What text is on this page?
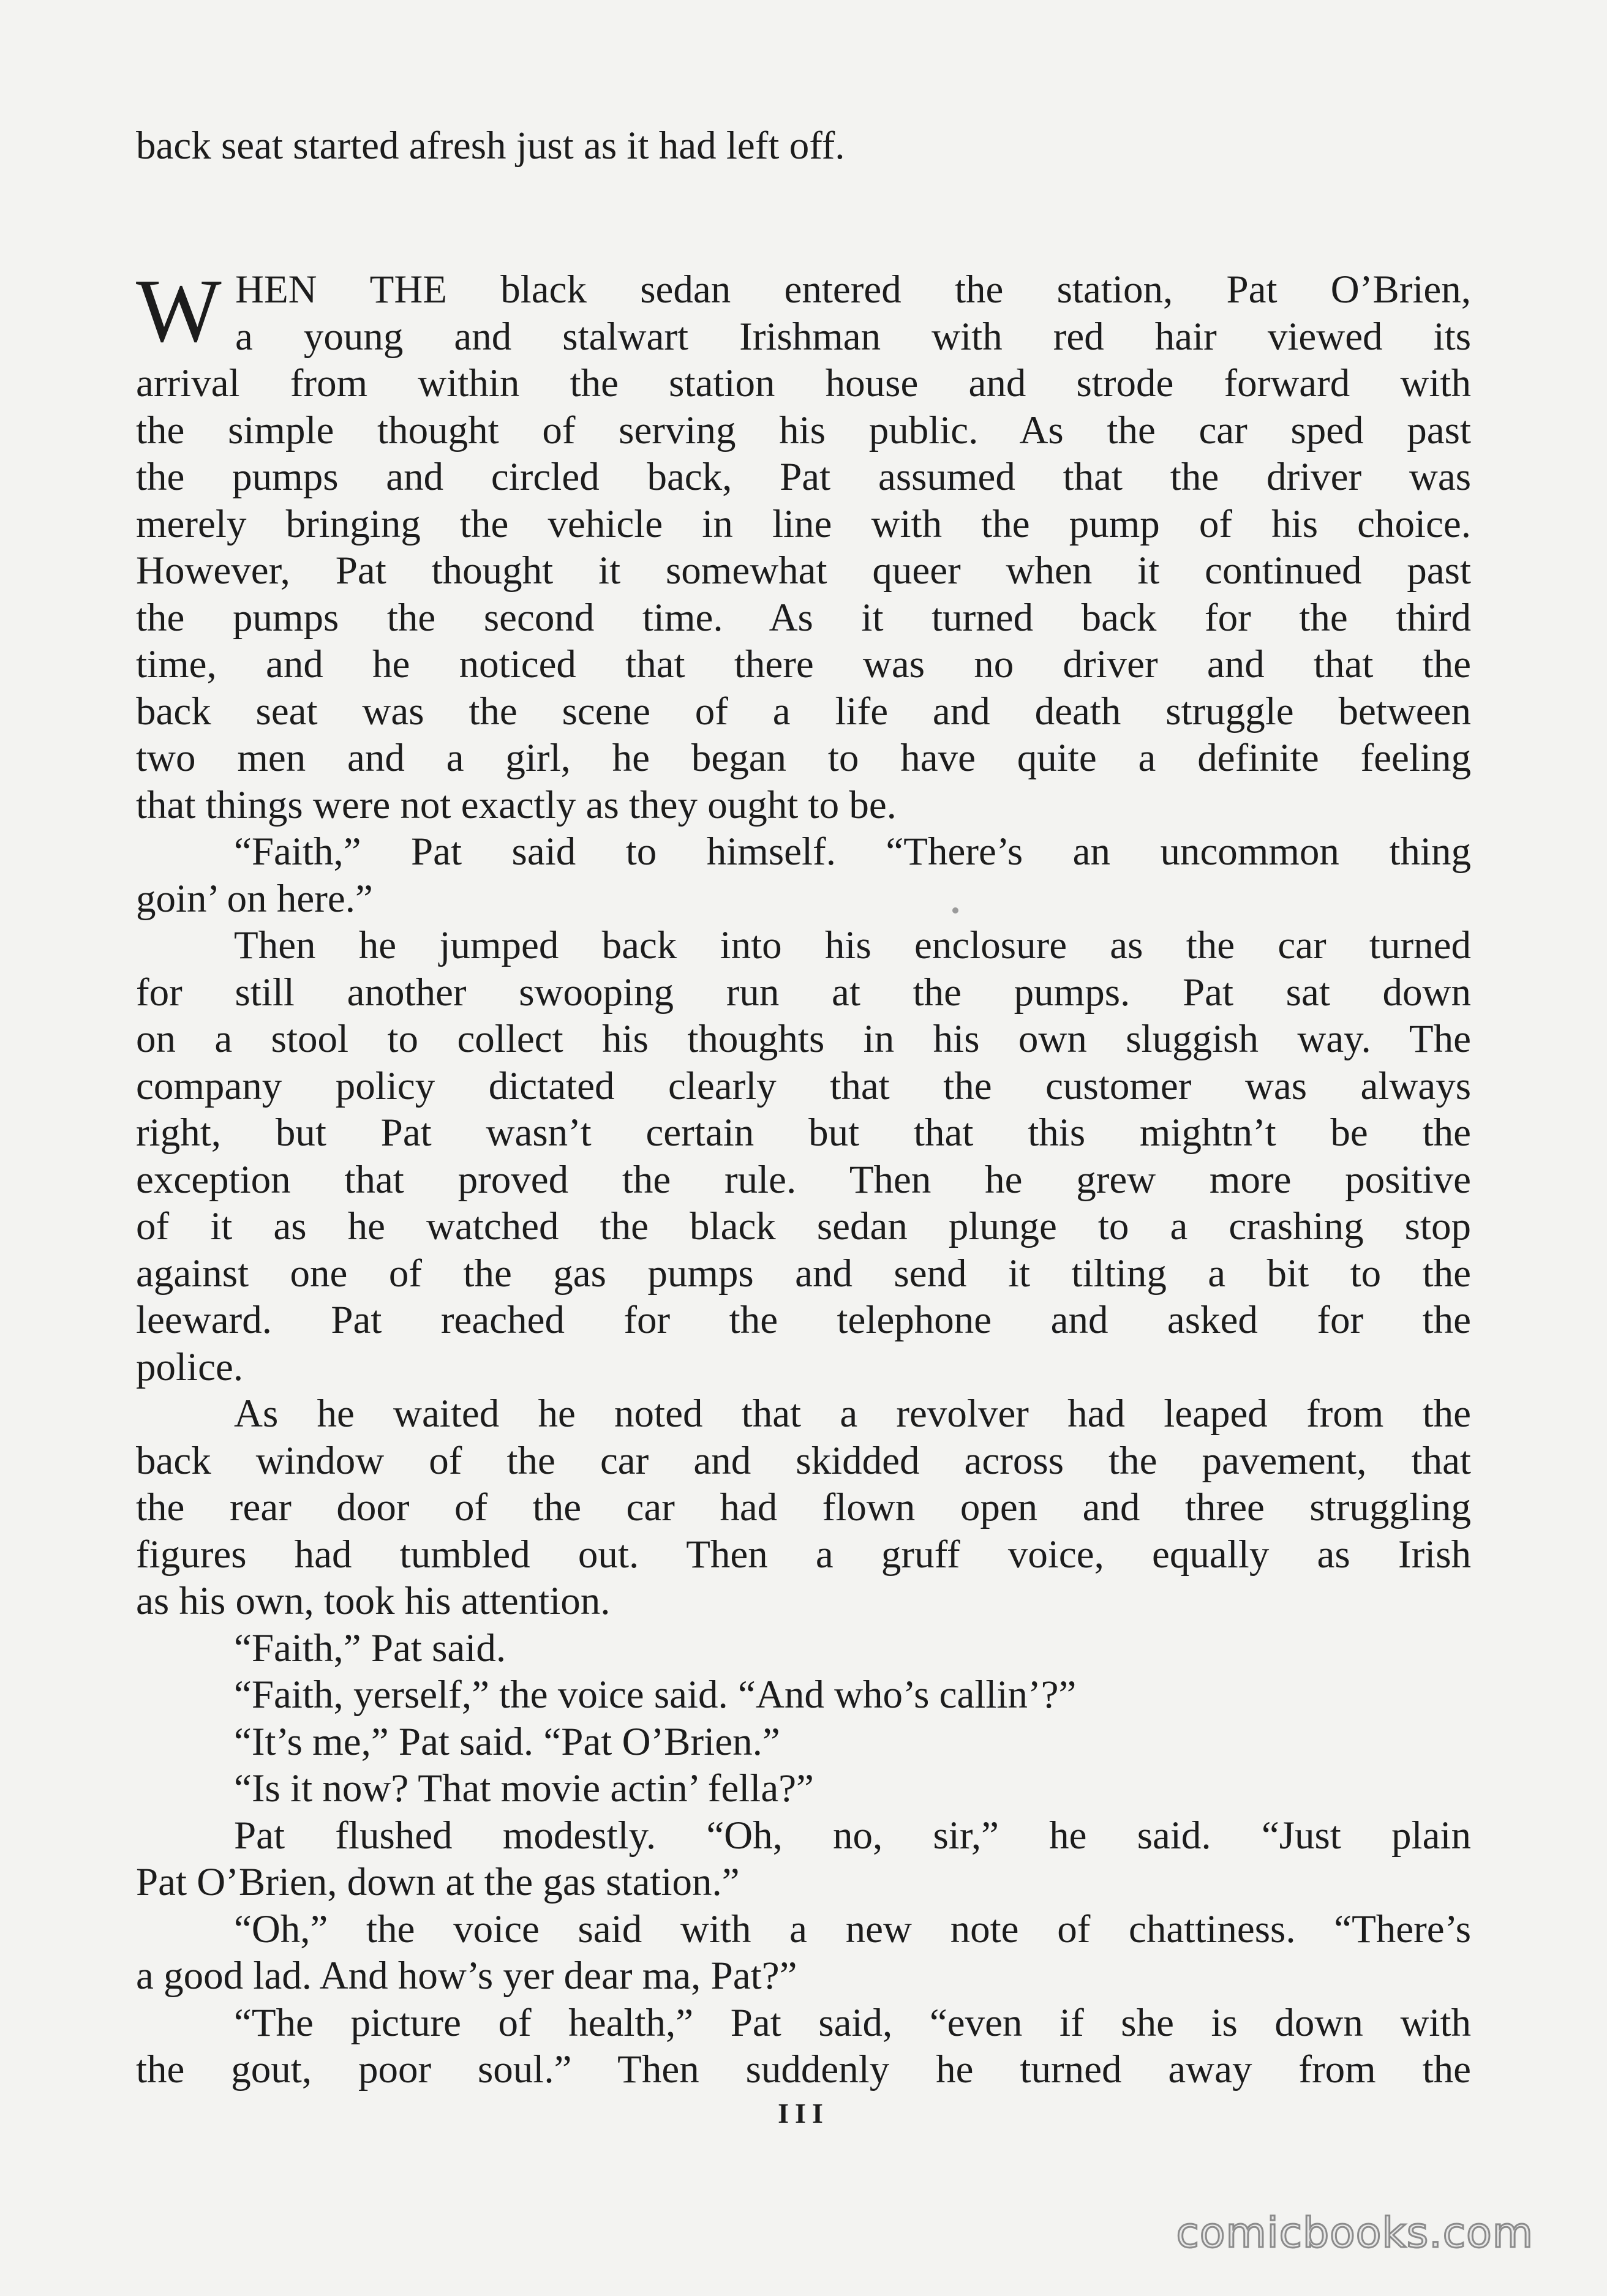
back seat started afresh just as it had left off.
W HEN THE black sedan entered the station, Pat O’Brien,
a young and stalwart Irishman with red hair viewed its
arrival from within the station house and strode forward with
the simple thought of serving his public. As the car sped past
the pumps and circled back, Pat assumed that the driver was
merely bringing the vehicle in line with the pump of his choice.
However, Pat thought it somewhat queer when it continued past
the pumps the second time. As it turned back for the third
time, and he noticed that there was no driver and that the
back seat was the scene of a life and death struggle between
two men and a girl, he began to have quite a definite feeling
that things were not exactly as they ought to be.
“Faith,” Pat said to himself. “There’s an uncommon thing
goin’ on here.”
Then he jumped back into his enclosure as the car turned
for still another swooping run at the pumps. Pat sat down
on a stool to collect his thoughts in his own sluggish way. The
company policy dictated clearly that the customer was always
right, but Pat wasn’t certain but that this mightn’t be the
exception that proved the rule. Then he grew more positive
of it as he watched the black sedan plunge to a crashing stop
against one of the gas pumps and send it tilting a bit to the
leeward. Pat reached for the telephone and asked for the
police.
As he waited he noted that a revolver had leaped from the
back window of the car and skidded across the pavement, that
the rear door of the car had flown open and three struggling
figures had tumbled out. Then a gruff voice, equally as Irish
as his own, took his attention.
“Faith,” Pat said.
“Faith, yerself,” the voice said. “And who’s callin’?”
“It’s me,” Pat said. “Pat O’Brien.”
“Is it now? That movie actin’ fella?”
Pat flushed modestly. “Oh, no, sir,” he said. “Just plain
Pat O’Brien, down at the gas station.”
“Oh,” the voice said with a new note of chattiness. “There’s
a good lad. And how’s yer dear ma, Pat?”
“The picture of health,” Pat said, “even if she is down with
the gout, poor soul.” Then suddenly he turned away from the
III
comicbooks.com
